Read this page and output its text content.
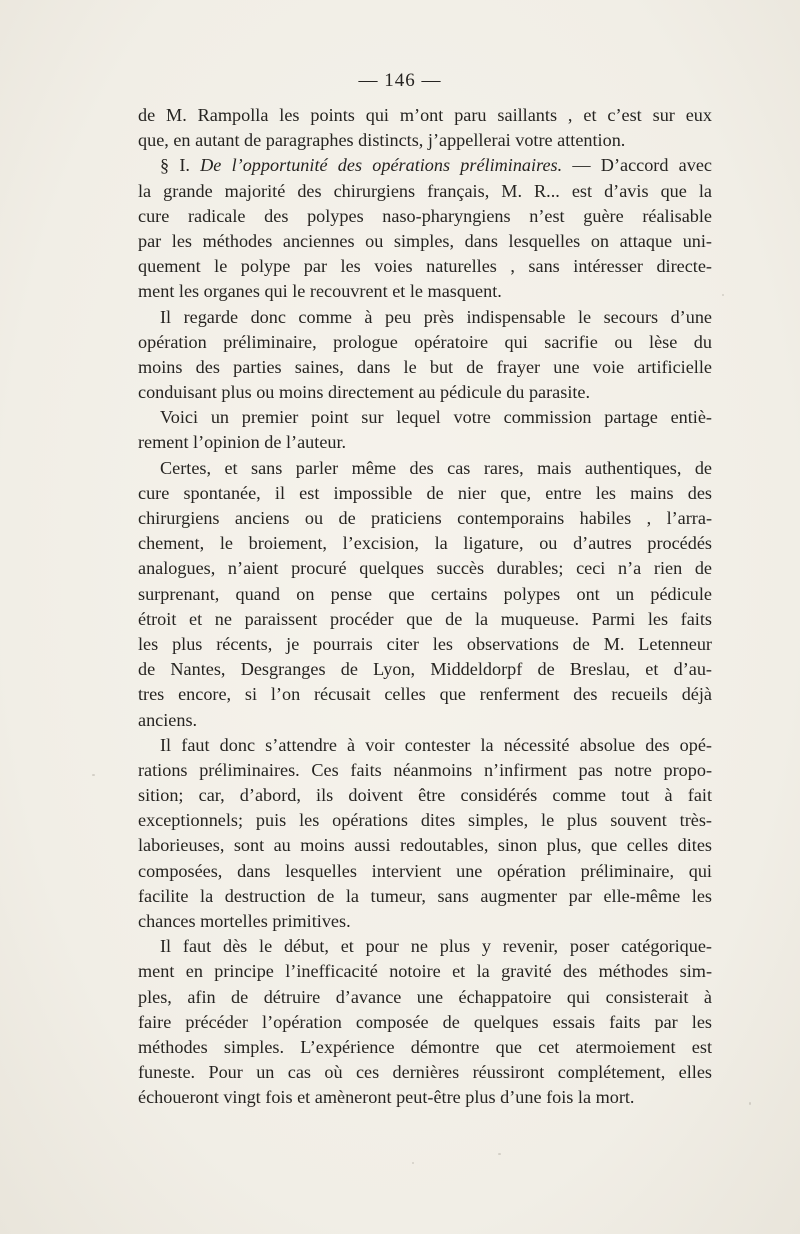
— 146 —
de M. Rampolla les points qui m’ont paru saillants , et c’est sur eux
que, en autant de paragraphes distincts, j’appellerai votre attention.
§ I. De l’opportunité des opérations préliminaires. — D’accord avec
la grande majorité des chirurgiens français, M. R... est d’avis que la
cure radicale des polypes naso-pharyngiens n’est guère réalisable
par les méthodes anciennes ou simples, dans lesquelles on attaque uni-
quement le polype par les voies naturelles , sans intéresser directe-
ment les organes qui le recouvrent et le masquent.
Il regarde donc comme à peu près indispensable le secours d’une
opération préliminaire, prologue opératoire qui sacrifie ou lèse du
moins des parties saines, dans le but de frayer une voie artificielle
conduisant plus ou moins directement au pédicule du parasite.
Voici un premier point sur lequel votre commission partage entiè-
rement l’opinion de l’auteur.
Certes, et sans parler même des cas rares, mais authentiques, de
cure spontanée, il est impossible de nier que, entre les mains des
chirurgiens anciens ou de praticiens contemporains habiles , l’arra-
chement, le broiement, l’excision, la ligature, ou d’autres procédés
analogues, n’aient procuré quelques succès durables; ceci n’a rien de
surprenant, quand on pense que certains polypes ont un pédicule
étroit et ne paraissent procéder que de la muqueuse. Parmi les faits
les plus récents, je pourrais citer les observations de M. Letenneur
de Nantes, Desgranges de Lyon, Middeldorpf de Breslau, et d’au-
tres encore, si l’on récusait celles que renferment des recueils déjà
anciens.
Il faut donc s’attendre à voir contester la nécessité absolue des opé-
rations préliminaires. Ces faits néanmoins n’infirment pas notre propo-
sition; car, d’abord, ils doivent être considérés comme tout à fait
exceptionnels; puis les opérations dites simples, le plus souvent très-
laborieuses, sont au moins aussi redoutables, sinon plus, que celles dites
composées, dans lesquelles intervient une opération préliminaire, qui
facilite la destruction de la tumeur, sans augmenter par elle-même les
chances mortelles primitives.
Il faut dès le début, et pour ne plus y revenir, poser catégorique-
ment en principe l’inefficacité notoire et la gravité des méthodes sim-
ples, afin de détruire d’avance une échappatoire qui consisterait à
faire précéder l’opération composée de quelques essais faits par les
méthodes simples. L’expérience démontre que cet atermoiement est
funeste. Pour un cas où ces dernières réussiront complétement, elles
échoueront vingt fois et amèneront peut-être plus d’une fois la mort.
